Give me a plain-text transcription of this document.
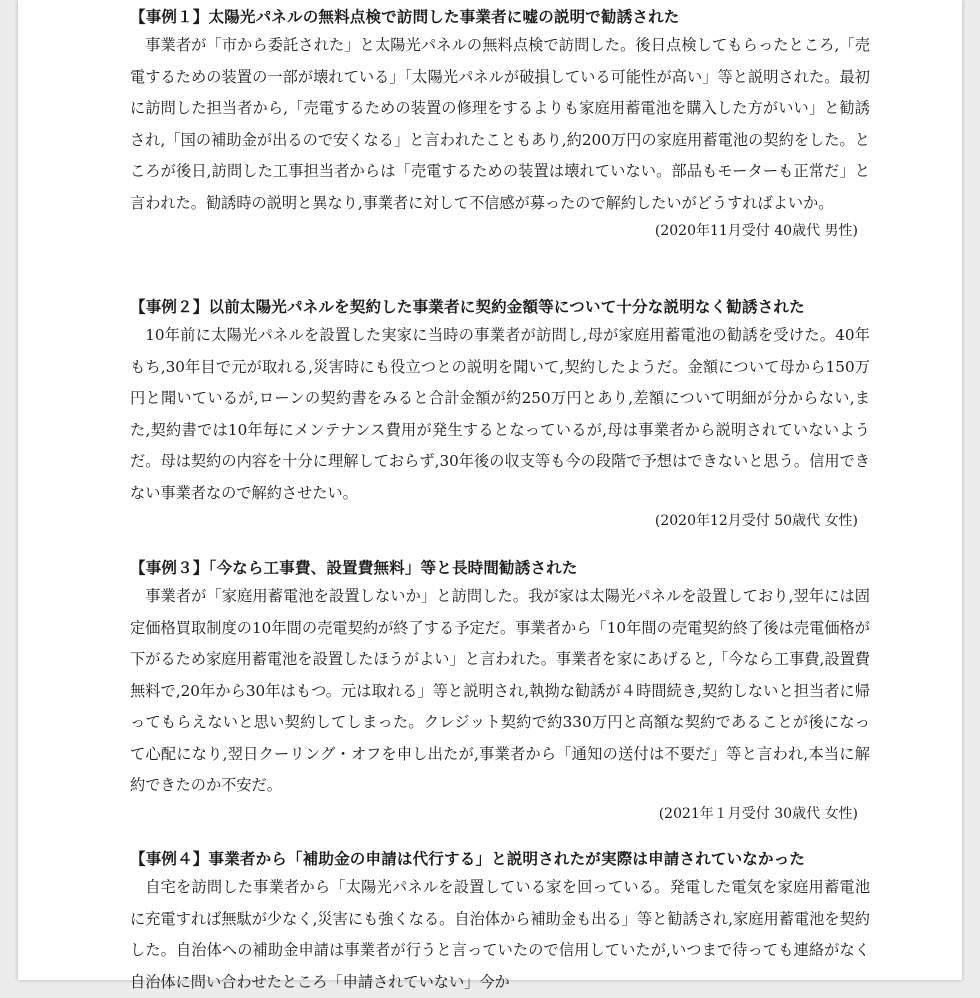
【事例１】太陽光パネルの無料点検で訪問した事業者に嘘の説明で勧誘された

事業者が「市から委託された」と太陽光パネルの無料点検で訪問した。後日点検してもらったところ,「売電するための装置の一部が壊れている」「太陽光パネルが破損している可能性が高い」等と説明された。最初に訪問した担当者から,「売電するための装置の修理をするよりも家庭用蓄電池を購入した方がいい」と勧誘され,「国の補助金が出るので安くなる」と言われたこともあり,約200万円の家庭用蓄電池の契約をした。ところが後日,訪問した工事担当者からは「売電するための装置は壊れていない。部品もモーターも正常だ」と言われた。勧誘時の説明と異なり,事業者に対して不信感が募ったので解約したいがどうすればよいか。

(2020年11月受付 40歳代 男性)
【事例２】以前太陽光パネルを契約した事業者に契約金額等について十分な説明なく勧誘された

10年前に太陽光パネルを設置した実家に当時の事業者が訪問し,母が家庭用蓄電池の勧誘を受けた。40年もち,30年目で元が取れる,災害時にも役立つとの説明を聞いて,契約したようだ。金額について母から150万円と聞いているが,ローンの契約書をみると合計金額が約250万円とあり,差額について明細が分からない,また,契約書では10年毎にメンテナンス費用が発生するとなっているが,母は事業者から説明されていないようだ。母は契約の内容を十分に理解しておらず,30年後の収支等も今の段階で予想はできないと思う。信用できない事業者なので解約させたい。

(2020年12月受付 50歳代 女性)
【事例３】「今なら工事費、設置費無料」等と長時間勧誘された

事業者が「家庭用蓄電池を設置しないか」と訪問した。我が家は太陽光パネルを設置しており,翌年には固定価格買取制度の10年間の売電契約が終了する予定だ。事業者から「10年間の売電契約終了後は売電価格が下がるため家庭用蓄電池を設置したほうがよい」と言われた。事業者を家にあげると,「今なら工事費,設置費無料で,20年から30年はもつ。元は取れる」等と説明され,執拗な勧誘が４時間続き,契約しないと担当者に帰ってもらえないと思い契約してしまった。クレジット契約で約330万円と高額な契約であることが後になって心配になり,翌日クーリング・オフを申し出たが,事業者から「通知の送付は不要だ」等と言われ,本当に解約できたのか不安だ。

(2021年１月受付 30歳代 女性)
【事例４】事業者から「補助金の申請は代行する」と説明されたが実際は申請されていなかった

自宅を訪問した事業者から「太陽光パネルを設置している家を回っている。発電した電気を家庭用蓄電池に充電すれば無駄が少なく,災害にも強くなる。自治体から補助金も出る」等と勧誘され,家庭用蓄電池を契約した。自治体への補助金申請は事業者が行うと言っていたので信用していたが,いつまで待っても連絡がなく自治体に問い合わせたところ「申請されていない」今か
